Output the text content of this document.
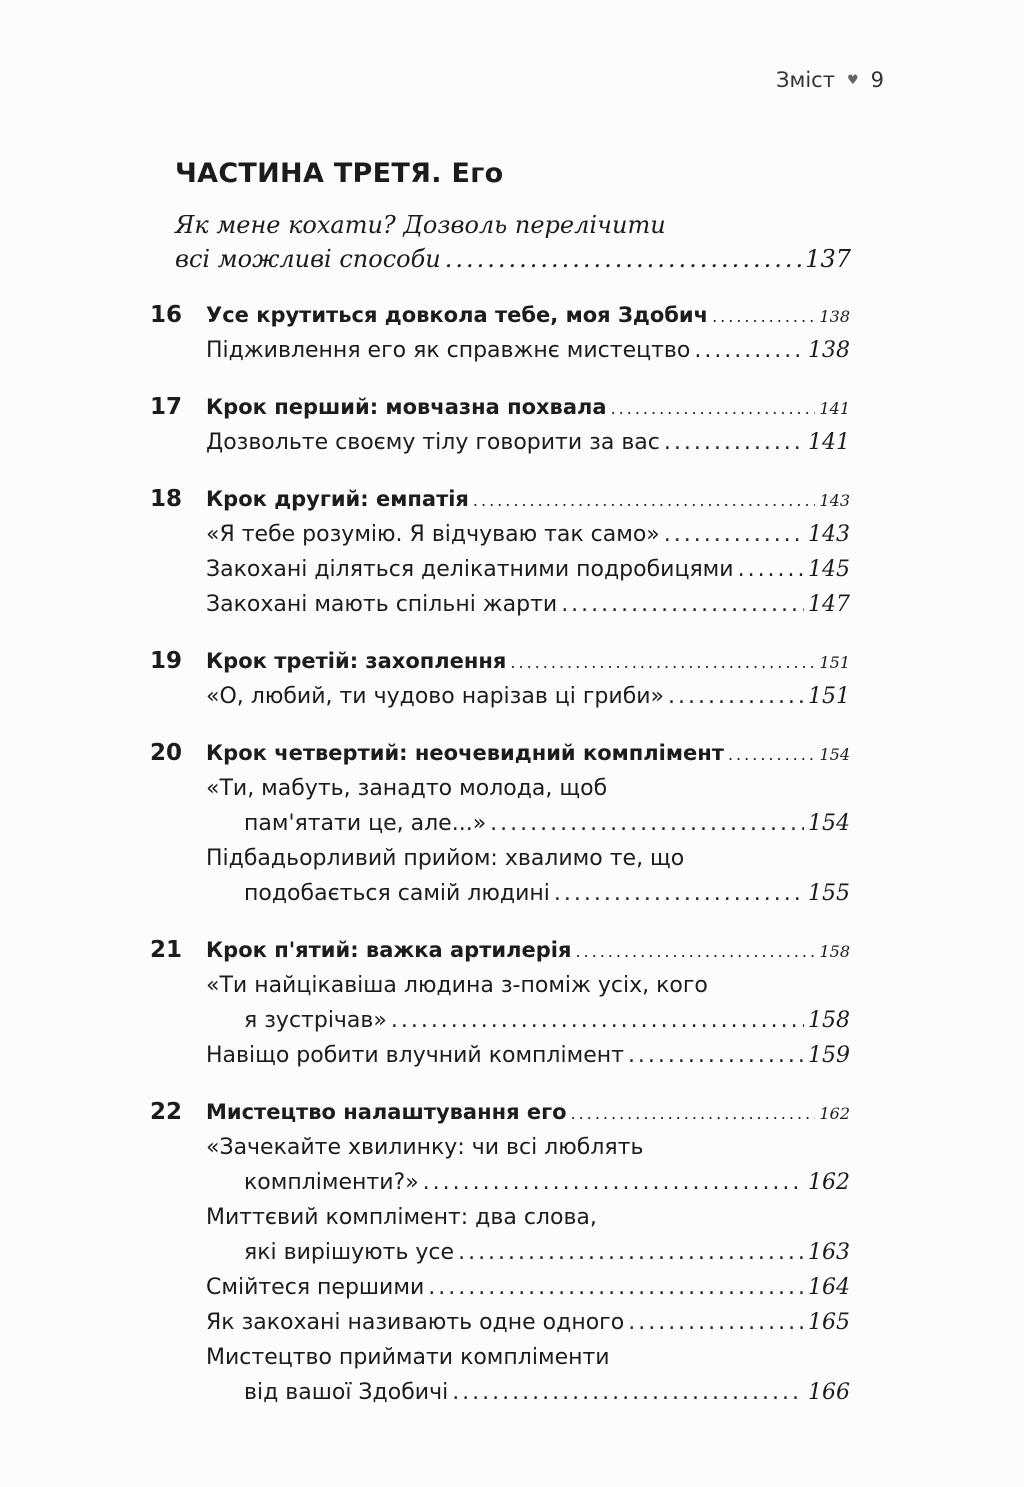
Зміст ♥ 9
ЧАСТИНА ТРЕТЯ. Его
Як мене кохати? Дозволь перелічити
всі можливі способи .....	137
16	Усе крутиться довкола тебе, моя Здобич .....	138
Підживлення его як справжнє мистецтво .....	138
17	Крок перший: мовчазна похвала .....	141
Дозвольте своєму тілу говорити за вас .....	141
18	Крок другий: емпатія .....	143
«Я тебе розумію. Я відчуваю так само» .....	143
Закохані діляться делікатними подробицями .....	145
Закохані мають спільні жарти .....	147
19	Крок третій: захоплення .....	151
«О, любий, ти чудово нарізав ці гриби» .....	151
20	Крок четвертий: неочевидний комплімент .....	154
«Ти, мабуть, занадто молода, щоб
пам'ятати це, але...» .....	154
Підбадьорливий прийом: хвалимо те, що
подобається самій людині .....	155
21	Крок п'ятий: важка артилерія .....	158
«Ти найцікавіша людина з-поміж усіх, кого
я зустрічав» .....	158
Навіщо робити влучний комплімент .....	159
22	Мистецтво налаштування его .....	162
«Зачекайте хвилинку: чи всі люблять
компліменти?» .....	162
Миттєвий комплімент: два слова,
які вирішують усе .....	163
Смійтеся першими .....	164
Як закохані називають одне одного .....	165
Мистецтво приймати компліменти
від вашої Здобичі .....	166
